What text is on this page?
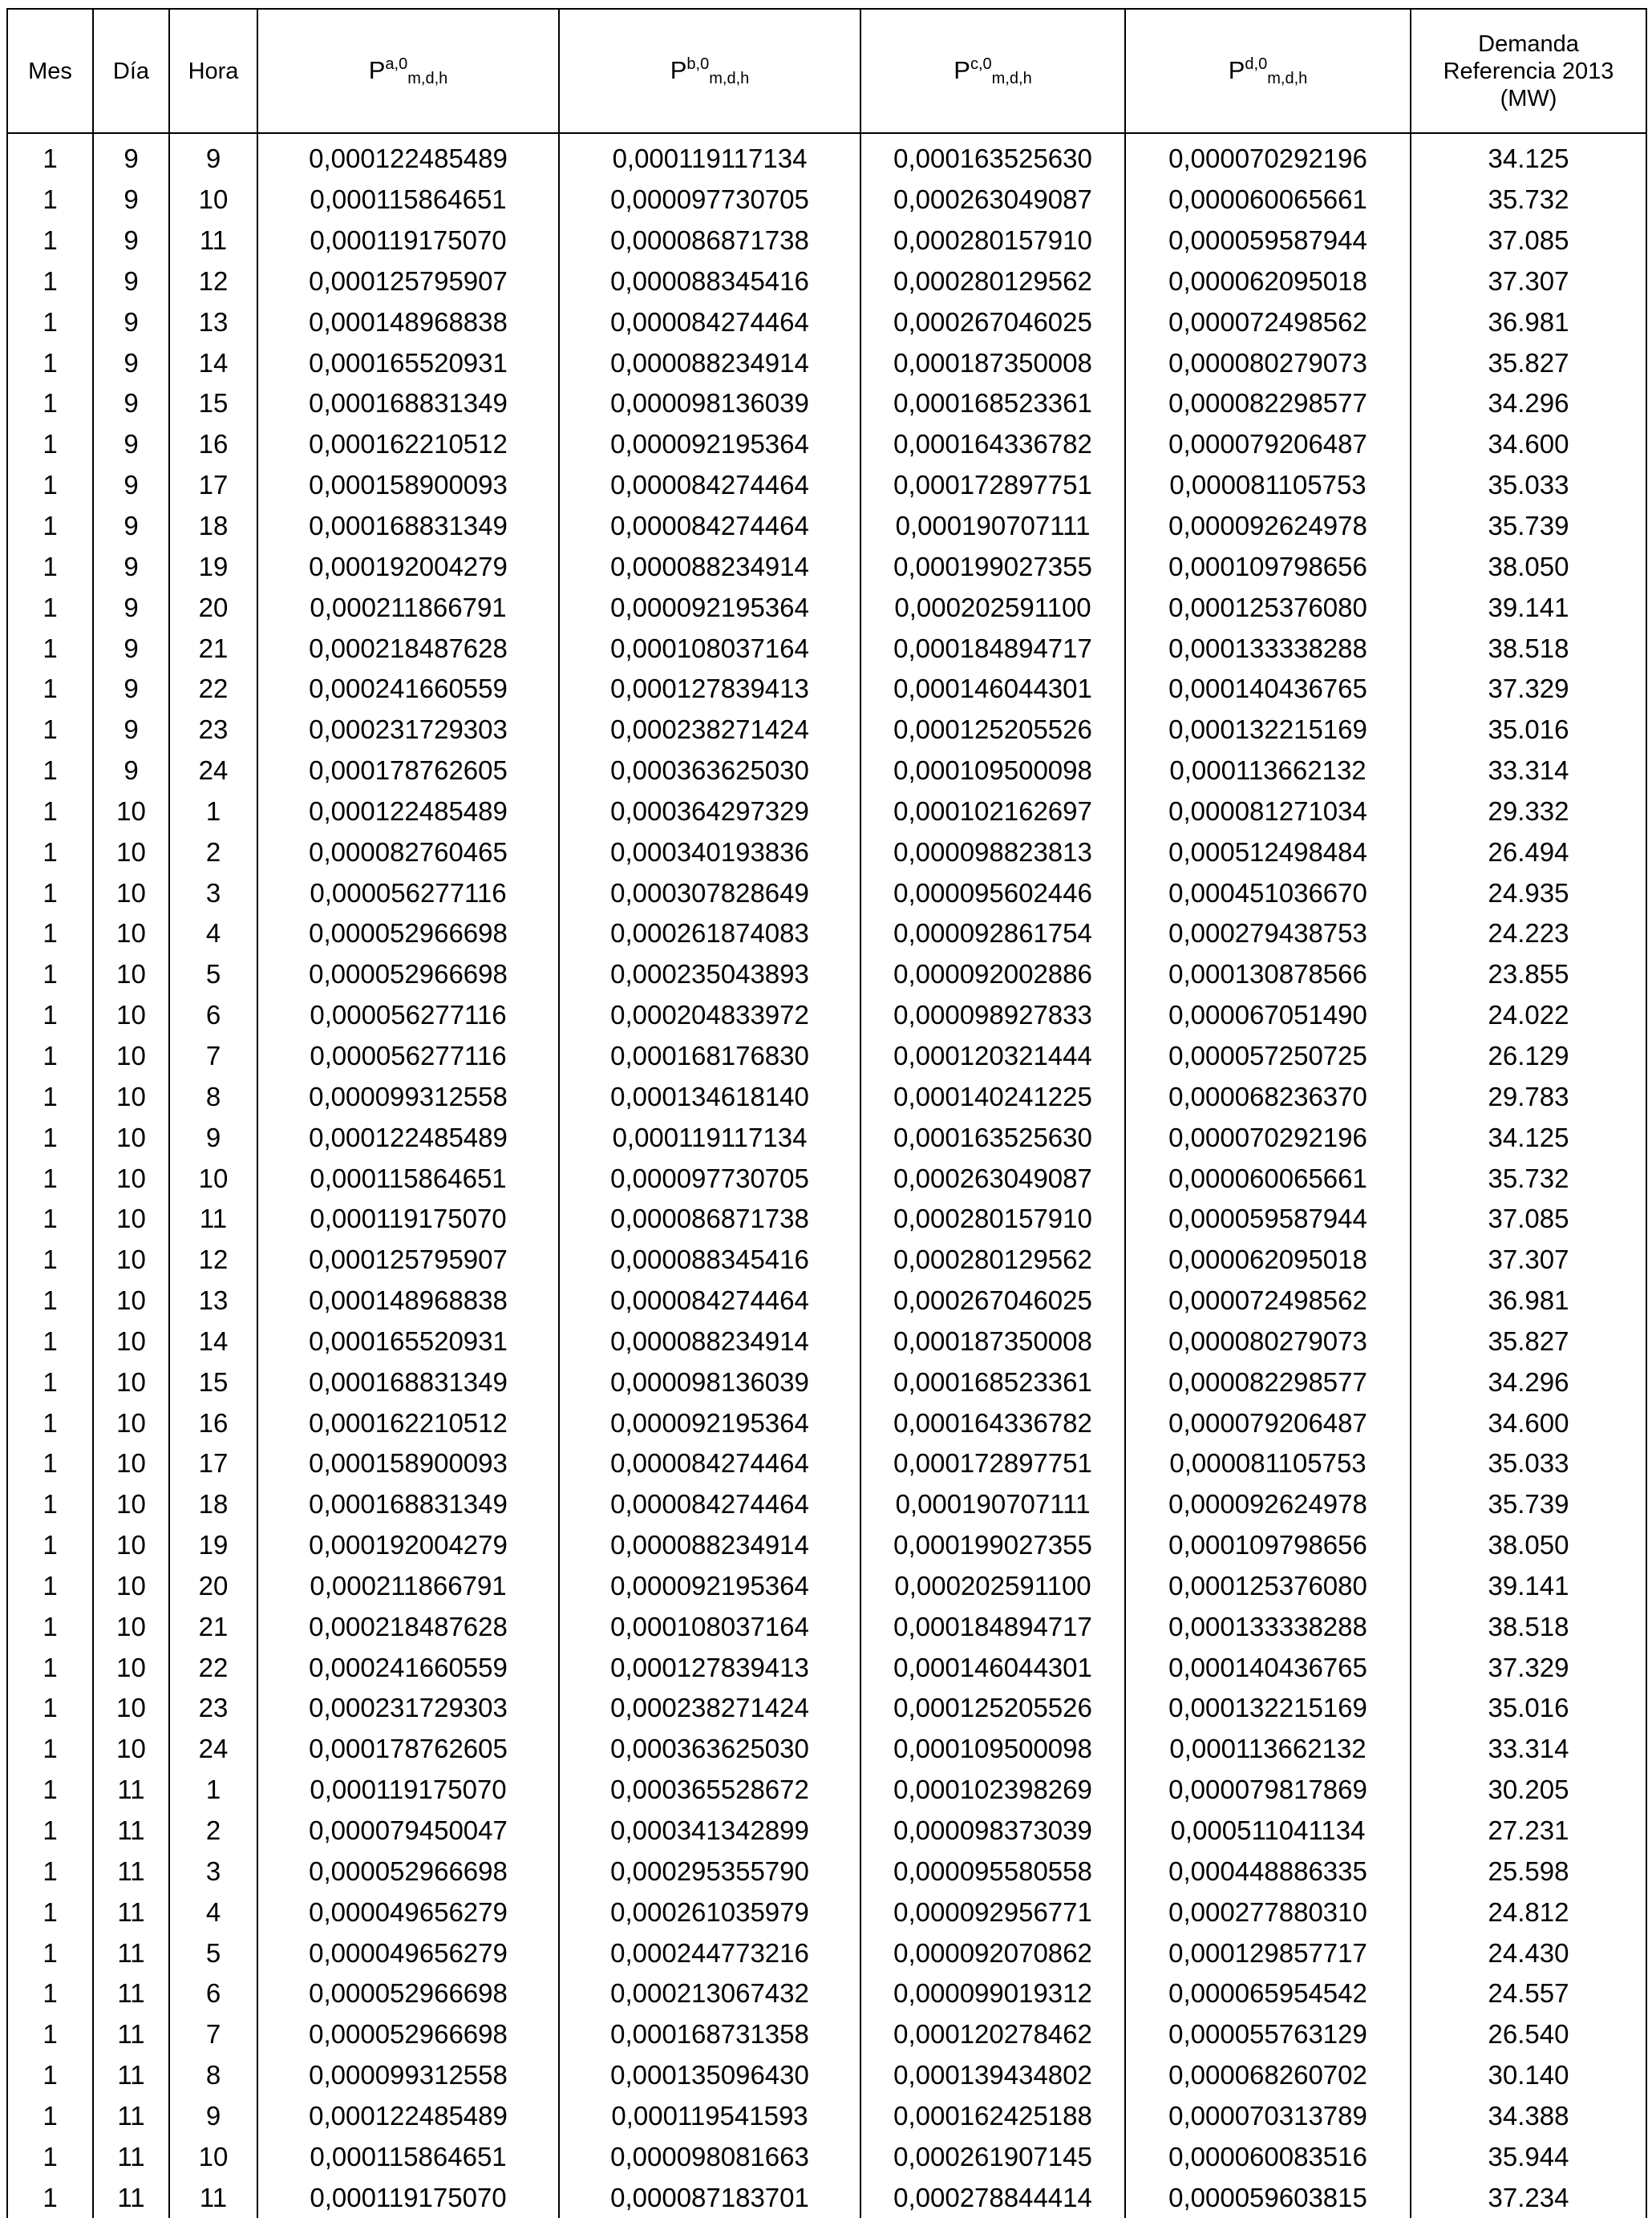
Mes	Día	Hora	P$^{a,0}_{m,d,h}$	P$^{b,0}_{m,d,h}$	P$^{c,0}_{m,d,h}$	P$^{d,0}_{m,d,h}$	Demanda
Referencia 2013
(MW)
1	9	9	0,000122485489	0,000119117134	0,000163525630	0,000070292196	34.125
1	9	10	0,000115864651	0,000097730705	0,000263049087	0,000060065661	35.732
1	9	11	0,000119175070	0,000086871738	0,000280157910	0,000059587944	37.085
1	9	12	0,000125795907	0,000088345416	0,000280129562	0,000062095018	37.307
1	9	13	0,000148968838	0,000084274464	0,000267046025	0,000072498562	36.981
1	9	14	0,000165520931	0,000088234914	0,000187350008	0,000080279073	35.827
1	9	15	0,000168831349	0,000098136039	0,000168523361	0,000082298577	34.296
1	9	16	0,000162210512	0,000092195364	0,000164336782	0,000079206487	34.600
1	9	17	0,000158900093	0,000084274464	0,000172897751	0,000081105753	35.033
1	9	18	0,000168831349	0,000084274464	0,000190707111	0,000092624978	35.739
1	9	19	0,000192004279	0,000088234914	0,000199027355	0,000109798656	38.050
1	9	20	0,000211866791	0,000092195364	0,000202591100	0,000125376080	39.141
1	9	21	0,000218487628	0,000108037164	0,000184894717	0,000133338288	38.518
1	9	22	0,000241660559	0,000127839413	0,000146044301	0,000140436765	37.329
1	9	23	0,000231729303	0,000238271424	0,000125205526	0,000132215169	35.016
1	9	24	0,000178762605	0,000363625030	0,000109500098	0,000113662132	33.314
1	10	1	0,000122485489	0,000364297329	0,000102162697	0,000081271034	29.332
1	10	2	0,000082760465	0,000340193836	0,000098823813	0,000512498484	26.494
1	10	3	0,000056277116	0,000307828649	0,000095602446	0,000451036670	24.935
1	10	4	0,000052966698	0,000261874083	0,000092861754	0,000279438753	24.223
1	10	5	0,000052966698	0,000235043893	0,000092002886	0,000130878566	23.855
1	10	6	0,000056277116	0,000204833972	0,000098927833	0,000067051490	24.022
1	10	7	0,000056277116	0,000168176830	0,000120321444	0,000057250725	26.129
1	10	8	0,000099312558	0,000134618140	0,000140241225	0,000068236370	29.783
1	10	9	0,000122485489	0,000119117134	0,000163525630	0,000070292196	34.125
1	10	10	0,000115864651	0,000097730705	0,000263049087	0,000060065661	35.732
1	10	11	0,000119175070	0,000086871738	0,000280157910	0,000059587944	37.085
1	10	12	0,000125795907	0,000088345416	0,000280129562	0,000062095018	37.307
1	10	13	0,000148968838	0,000084274464	0,000267046025	0,000072498562	36.981
1	10	14	0,000165520931	0,000088234914	0,000187350008	0,000080279073	35.827
1	10	15	0,000168831349	0,000098136039	0,000168523361	0,000082298577	34.296
1	10	16	0,000162210512	0,000092195364	0,000164336782	0,000079206487	34.600
1	10	17	0,000158900093	0,000084274464	0,000172897751	0,000081105753	35.033
1	10	18	0,000168831349	0,000084274464	0,000190707111	0,000092624978	35.739
1	10	19	0,000192004279	0,000088234914	0,000199027355	0,000109798656	38.050
1	10	20	0,000211866791	0,000092195364	0,000202591100	0,000125376080	39.141
1	10	21	0,000218487628	0,000108037164	0,000184894717	0,000133338288	38.518
1	10	22	0,000241660559	0,000127839413	0,000146044301	0,000140436765	37.329
1	10	23	0,000231729303	0,000238271424	0,000125205526	0,000132215169	35.016
1	10	24	0,000178762605	0,000363625030	0,000109500098	0,000113662132	33.314
1	11	1	0,000119175070	0,000365528672	0,000102398269	0,000079817869	30.205
1	11	2	0,000079450047	0,000341342899	0,000098373039	0,000511041134	27.231
1	11	3	0,000052966698	0,000295355790	0,000095580558	0,000448886335	25.598
1	11	4	0,000049656279	0,000261035979	0,000092956771	0,000277880310	24.812
1	11	5	0,000049656279	0,000244773216	0,000092070862	0,000129857717	24.430
1	11	6	0,000052966698	0,000213067432	0,000099019312	0,000065954542	24.557
1	11	7	0,000052966698	0,000168731358	0,000120278462	0,000055763129	26.540
1	11	8	0,000099312558	0,000135096430	0,000139434802	0,000068260702	30.140
1	11	9	0,000122485489	0,000119541593	0,000162425188	0,000070313789	34.388
1	11	10	0,000115864651	0,000098081663	0,000261907145	0,000060083516	35.944
1	11	11	0,000119175070	0,000087183701	0,000278844414	0,000059603815	37.234
